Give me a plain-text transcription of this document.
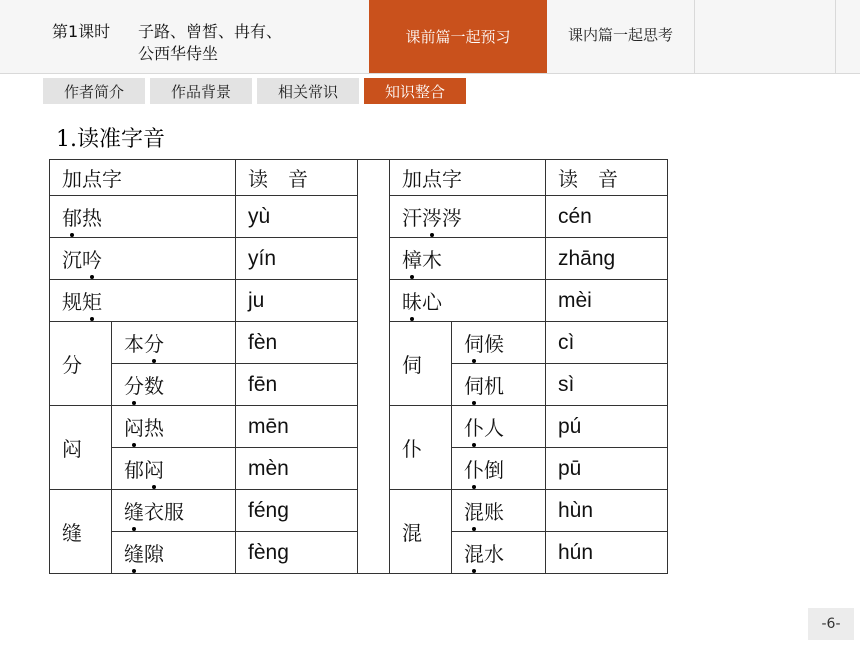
第1课时 子路、曾皙、冉有、
公西华侍坐
课前篇一起预习	课内篇一起思考
作者简介	作品背景	相关常识	知识整合
1.读准字音
加点字		读　音		加点字		读　音
郁热		yù		汗涔涔		cén
沉吟		yín		樟木		zhāng
规矩		ju		昧心		mèi
分	本分	fèn		伺	伺候	cì
	分数	fēn			伺机	sì
闷	闷热	mēn		仆	仆人	pú
	郁闷	mèn			仆倒	pū
缝	缝衣服	féng		混	混账	hùn
	缝隙	fèng			混水	hún
-6-
